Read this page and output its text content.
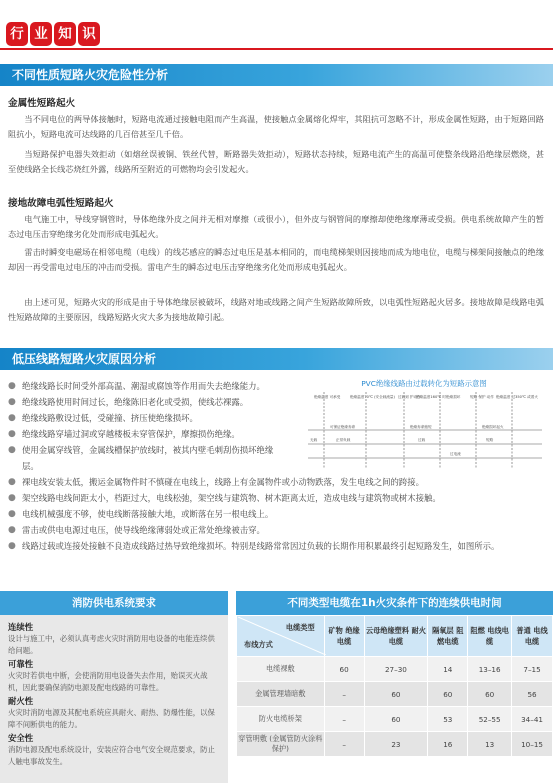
行 业 知 识
不同性质短路火灾危险性分析
金属性短路起火

当不同电位的两导体接触时，短路电流通过接触电阻而产生高温，使接触点金属熔化焊牢，其阻抗可忽略不计，形成金属性短路，由于短路回路阻抗小，短路电流可达线路的几百倍甚至几千倍。

当短路保护电器失效拒动（如熔丝误被铜、铁丝代替，断路器失效拒动），短路状态持续，短路电流产生的高温可使整条线路沿绝缘层燃烧，甚至使线路全长线芯烧红外露，线路所至附近的可燃物均会引发起火。

接地故障电弧性短路起火

电气施工中，导线穿钢管时，导体绝缘外皮之间并无相对摩擦（或很小），但外皮与钢管间的摩擦却使绝缘摩薄或受损。供电系统故障产生的暂态过电压击穿绝缘劣化处而形成电弧起火。

雷击时瞬变电磁场在相邻电缆（电线）的线芯感应的瞬态过电压是基本相同的，而电缆梯架则因接地而成为地电位，电缆与梯架间接触点的绝缘却因一再受雷电过电压的冲击而受损。雷电产生的瞬态过电压击穿绝缘劣化处而形成电弧起火。

由上述可见，短路火灾的形成是由于导体绝缘层被破坏，线路对地或线路之间产生短路故障所致，以电弧性短路起火居多。接地故障是线路电弧性短路故障的主要原因，线路短路火灾大多为接地故障引起。

低压线路短路火灾原因分析
● 绝缘线路长时间受外部高温、潮湿或腐蚀等作用而失去绝缘能力。
● 绝缘线路使用时间过长，绝缘陈旧老化或受损，使线芯裸露。
● 绝缘线路敷设过低，受碰撞、挤压使绝缘损坏。
● 绝缘线路穿墙过洞或穿越楼板未穿管保护，摩擦损伤绝缘。
● 使用金属穿线管，金属线槽保护放线时，被其内壁毛刺刮伤损坏绝缘层。
● 裸电线安装太低，搬运金属物件时不慎碰在电线上，线路上有金属物件或小动物跌落，发生电线之间的跨接。
● 架空线路电线间距太小，档距过大，电线松弛，架空线与建筑物、树木距离太近，造成电线与建筑物或树木接触。
● 电线机械强度不够，使电线断落接触大地，或断落在另一根电线上。
● 雷击或供电电源过电压，使导线绝缘薄弱处或正常处绝缘被击穿。
● 线路过载或连接处接触不良造成线路过热导致绝缘损坏。特别是线路常常因过负载的长期作用积累最终引起短路发生，如图所示。
PVC绝缘线路由过载转化为短路示意图
绝缘温度 可承受	绝缘温度70℃ (安全载流量) 过载到 护动作
绝缘温度160℃ 时绝缘损坏	短路 保护 动作 绝缘温度 过350℃ 或着火
可保证绝缘寿命	绝缘寿命缩短	绝缘损坏起火
无载	正常负载	过载	短路
过电流
消防供电系统要求
连续性
设计与施工中，必须认真考虑火灾时消防用电设备的电能连续供给问题。
可靠性
火灾时若供电中断，会使消防用电设备失去作用，贻误灭火战机，因此要确保消防电源及配电线路的可靠性。
耐火性
火灾时消防电源及其配电系统应具耐火、耐热、防爆性能，以保障不间断供电的能力。
安全性
消防电源及配电系统设计，安装应符合电气安全规范要求，防止人触电事故发生。
不同类型电缆在1h火灾条件下的连续供电时间
电缆类型
布线方式	矿物 绝缘电缆	云母绝缘塑料 耐火电缆	隔氧层 阻燃电缆	阻燃 电线电缆	普通 电线电缆
电缆裸敷	60	27–30	14	13–16	7–15
金属管理墙暗敷	–	60	60	60	56
防火电缆桥架	–	60	53	52–55	34–41
穿管明敷 (金属管防火涂料保护)	–	23	16	13	10–15
